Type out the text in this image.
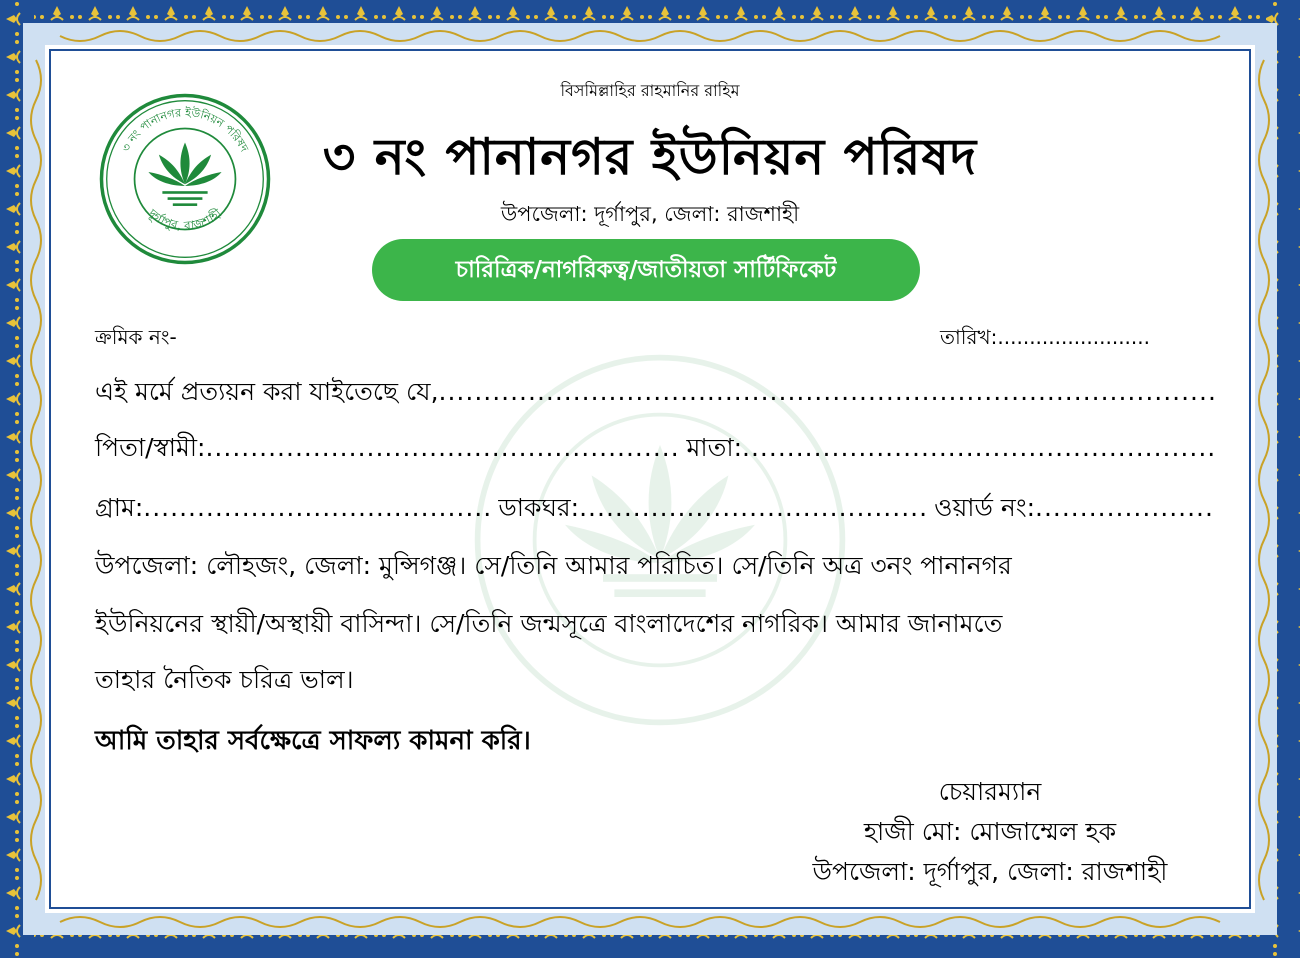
৩ নং পানানগর ইউনিয়ন পরিষদ
দূর্গাপুর, রাজশাহী
বিসমিল্লাহির রাহমানির রাহিম
৩ নং পানানগর ইউনিয়ন পরিষদ
উপজেলা: দূর্গাপুর, জেলা: রাজশাহী
চারিত্রিক/নাগরিকত্ব/জাতীয়তা সার্টিফিকেট
ক্রমিক নং-	তারিখ:........................
এই মর্মে প্রত্যয়ন করা যাইতেছে যে,
.....
পিতা/স্বামী: .....	মাতা:
.....
গ্রাম: .....	ডাকঘর: .....	ওয়ার্ড নং:
.....
উপজেলা: লৌহজং, জেলা: মুন্সিগঞ্জ। সে/তিনি আমার পরিচিত। সে/তিনি অত্র ৩নং পানানগর
ইউনিয়নের স্থায়ী/অস্থায়ী বাসিন্দা। সে/তিনি জন্মসূত্রে বাংলাদেশের নাগরিক। আমার জানামতে
তাহার নৈতিক চরিত্র ভাল।
আমি তাহার সর্বক্ষেত্রে সাফল্য কামনা করি।
চেয়ারম্যান
হাজী মো: মোজাম্মেল হক
উপজেলা: দূর্গাপুর, জেলা: রাজশাহী
